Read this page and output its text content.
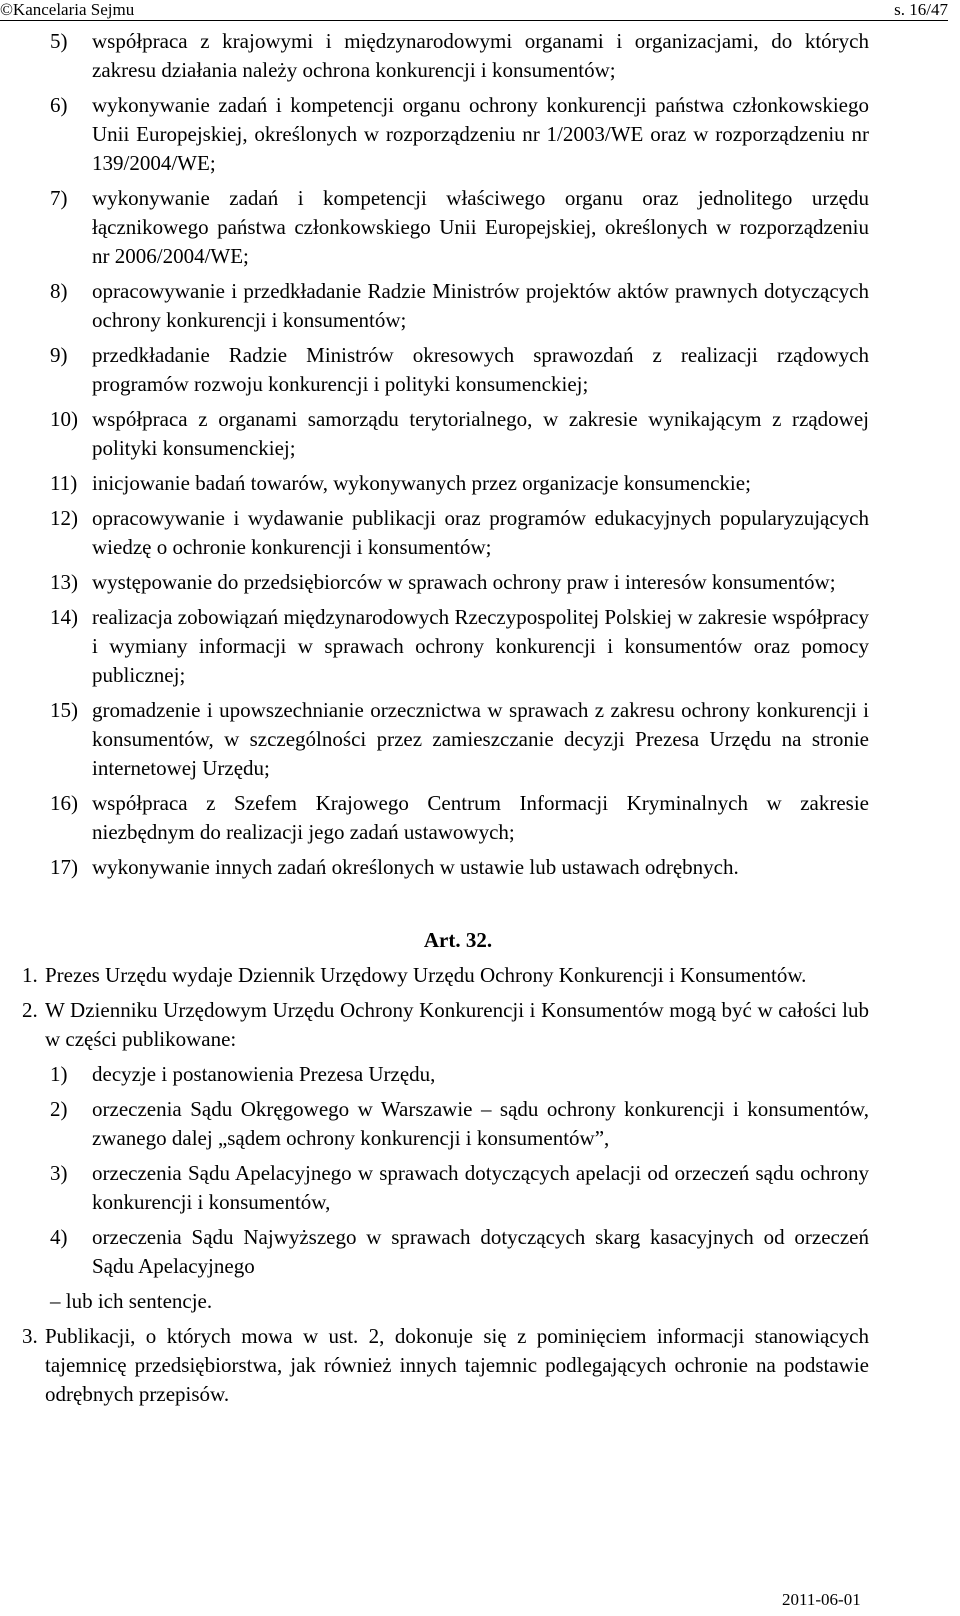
©Kancelaria Sejmu	s. 16/47
5) współpraca z krajowymi i międzynarodowymi organami i organizacjami, do których zakresu działania należy ochrona konkurencji i konsumentów;
6) wykonywanie zadań i kompetencji organu ochrony konkurencji państwa członkowskiego Unii Europejskiej, określonych w rozporządzeniu nr 1/2003/WE oraz w rozporządzeniu nr 139/2004/WE;
7) wykonywanie zadań i kompetencji właściwego organu oraz jednolitego urzędu łącznikowego państwa członkowskiego Unii Europejskiej, określonych w rozporządzeniu nr 2006/2004/WE;
8) opracowywanie i przedkładanie Radzie Ministrów projektów aktów prawnych dotyczących ochrony konkurencji i konsumentów;
9) przedkładanie Radzie Ministrów okresowych sprawozdań z realizacji rządowych programów rozwoju konkurencji i polityki konsumenckiej;
10) współpraca z organami samorządu terytorialnego, w zakresie wynikającym z rządowej polityki konsumenckiej;
11) inicjowanie badań towarów, wykonywanych przez organizacje konsumenckie;
12) opracowywanie i wydawanie publikacji oraz programów edukacyjnych popularyzujących wiedzę o ochronie konkurencji i konsumentów;
13) występowanie do przedsiębiorców w sprawach ochrony praw i interesów konsumentów;
14) realizacja zobowiązań międzynarodowych Rzeczypospolitej Polskiej w zakresie współpracy i wymiany informacji w sprawach ochrony konkurencji i konsumentów oraz pomocy publicznej;
15) gromadzenie i upowszechnianie orzecznictwa w sprawach z zakresu ochrony konkurencji i konsumentów, w szczególności przez zamieszczanie decyzji Prezesa Urzędu na stronie internetowej Urzędu;
16) współpraca z Szefem Krajowego Centrum Informacji Kryminalnych w zakresie niezbędnym do realizacji jego zadań ustawowych;
17) wykonywanie innych zadań określonych w ustawie lub ustawach odrębnych.
Art. 32.
1. Prezes Urzędu wydaje Dziennik Urzędowy Urzędu Ochrony Konkurencji i Konsumentów.
2. W Dzienniku Urzędowym Urzędu Ochrony Konkurencji i Konsumentów mogą być w całości lub w części publikowane:
1) decyzje i postanowienia Prezesa Urzędu,
2) orzeczenia Sądu Okręgowego w Warszawie – sądu ochrony konkurencji i konsumentów, zwanego dalej „sądem ochrony konkurencji i konsumentów”,
3) orzeczenia Sądu Apelacyjnego w sprawach dotyczących apelacji od orzeczeń sądu ochrony konkurencji i konsumentów,
4) orzeczenia Sądu Najwyższego w sprawach dotyczących skarg kasacyjnych od orzeczeń Sądu Apelacyjnego
– lub ich sentencje.
3. Publikacji, o których mowa w ust. 2, dokonuje się z pominięciem informacji stanowiących tajemnicę przedsiębiorstwa, jak również innych tajemnic podlegających ochronie na podstawie odrębnych przepisów.
2011-06-01
